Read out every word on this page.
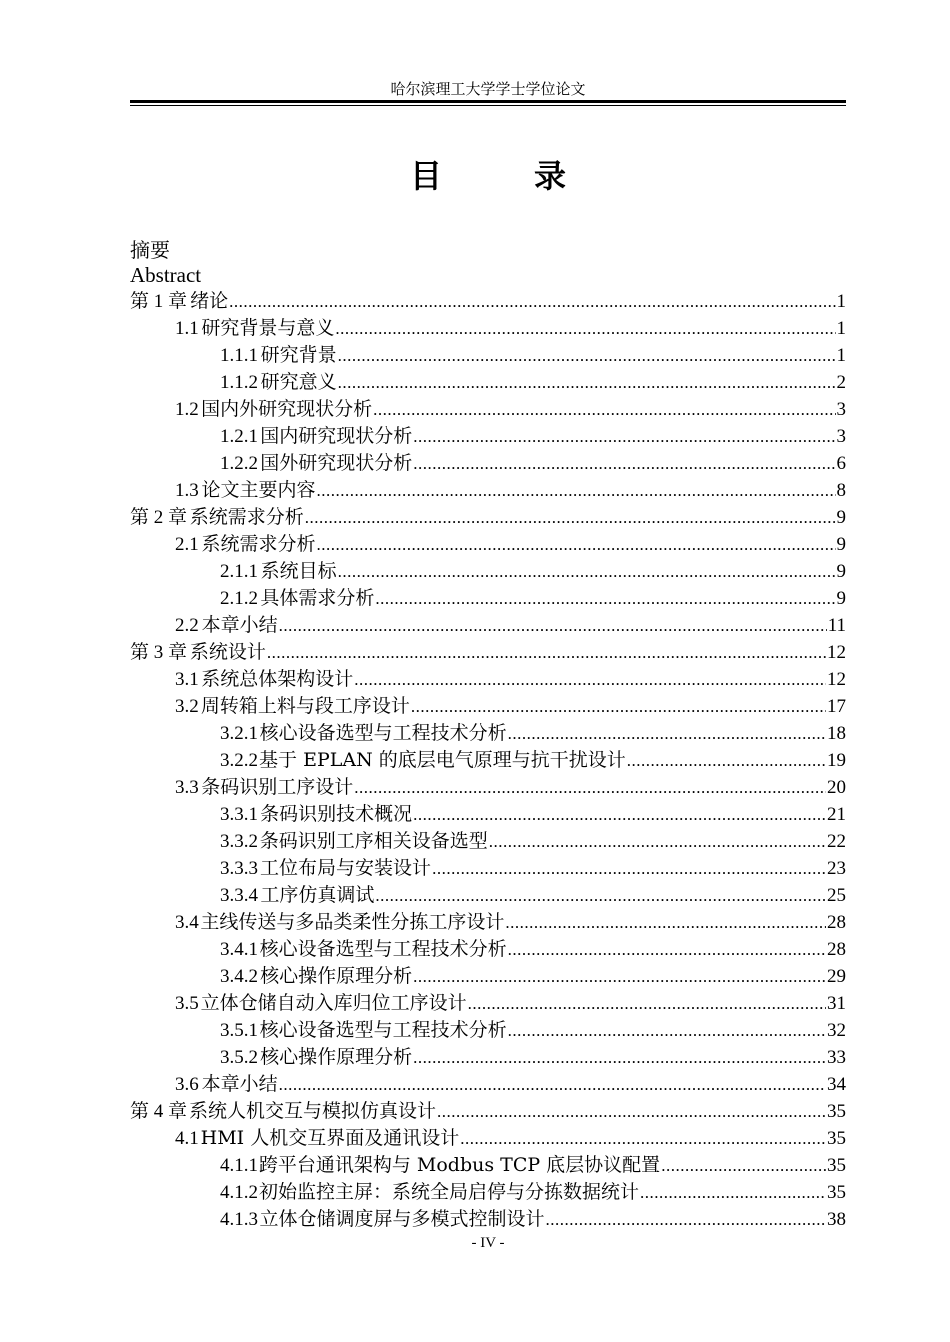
哈尔滨理工大学学士学位论文
目　录
摘要
Abstract
第 1 章 绪论 .....	1
1.1 研究背景与意义 .....	1
1.1.1 研究背景 .....	1
1.1.2 研究意义 .....	2
1.2 国内外研究现状分析 .....	3
1.2.1 国内研究现状分析 .....	3
1.2.2 国外研究现状分析 .....	6
1.3 论文主要内容 .....	8
第 2 章 系统需求分析 .....	9
2.1 系统需求分析 .....	9
2.1.1 系统目标 .....	9
2.1.2 具体需求分析 .....	9
2.2 本章小结 .....	11
第 3 章 系统设计 .....	12
3.1 系统总体架构设计 .....	12
3.2 周转箱上料与段工序设计 .....	17
3.2.1 核心设备选型与工程技术分析 .....	18
3.2.2 基于 EPLAN 的底层电气原理与抗干扰设计 .....	19
3.3 条码识别工序设计 .....	20
3.3.1 条码识别技术概况 .....	21
3.3.2 条码识别工序相关设备选型 .....	22
3.3.3 工位布局与安装设计 .....	23
3.3.4 工序仿真调试 .....	25
3.4 主线传送与多品类柔性分拣工序设计 .....	28
3.4.1 核心设备选型与工程技术分析 .....	28
3.4.2 核心操作原理分析 .....	29
3.5 立体仓储自动入库归位工序设计 .....	31
3.5.1 核心设备选型与工程技术分析 .....	32
3.5.2 核心操作原理分析 .....	33
3.6 本章小结 .....	34
第 4 章 系统人机交互与模拟仿真设计 .....	35
4.1 HMI 人机交互界面及通讯设计 .....	35
4.1.1 跨平台通讯架构与 Modbus TCP 底层协议配置 .....	35
4.1.2 初始监控主屏：系统全局启停与分拣数据统计 .....	35
4.1.3 立体仓储调度屏与多模式控制设计 .....	38
- IV -
